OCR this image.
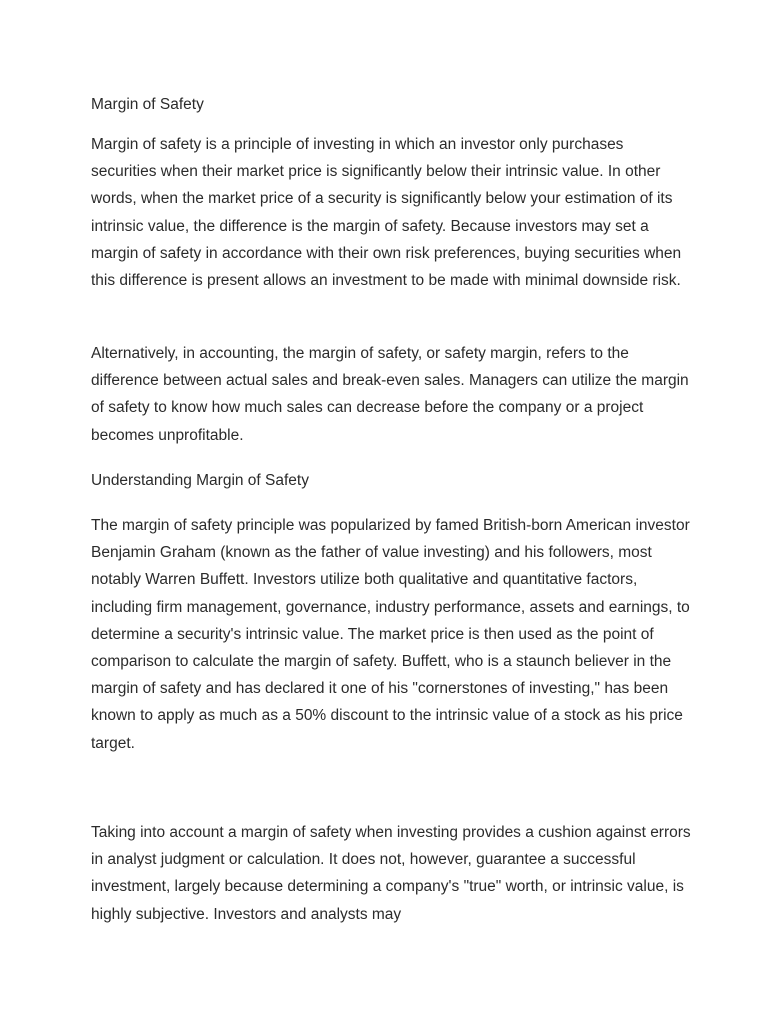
Margin of Safety
Margin of safety is a principle of investing in which an investor only purchases securities when their market price is significantly below their intrinsic value. In other words, when the market price of a security is significantly below your estimation of its intrinsic value, the difference is the margin of safety. Because investors may set a margin of safety in accordance with their own risk preferences, buying securities when this difference is present allows an investment to be made with minimal downside risk.
Alternatively, in accounting, the margin of safety, or safety margin, refers to the difference between actual sales and break-even sales. Managers can utilize the margin of safety to know how much sales can decrease before the company or a project becomes unprofitable.
Understanding Margin of Safety
The margin of safety principle was popularized by famed British-born American investor Benjamin Graham (known as the father of value investing) and his followers, most notably Warren Buffett. Investors utilize both qualitative and quantitative factors, including firm management, governance, industry performance, assets and earnings, to determine a security's intrinsic value. The market price is then used as the point of comparison to calculate the margin of safety. Buffett, who is a staunch believer in the margin of safety and has declared it one of his "cornerstones of investing," has been known to apply as much as a 50% discount to the intrinsic value of a stock as his price target.
Taking into account a margin of safety when investing provides a cushion against errors in analyst judgment or calculation. It does not, however, guarantee a successful investment, largely because determining a company's "true" worth, or intrinsic value, is highly subjective. Investors and analysts may
